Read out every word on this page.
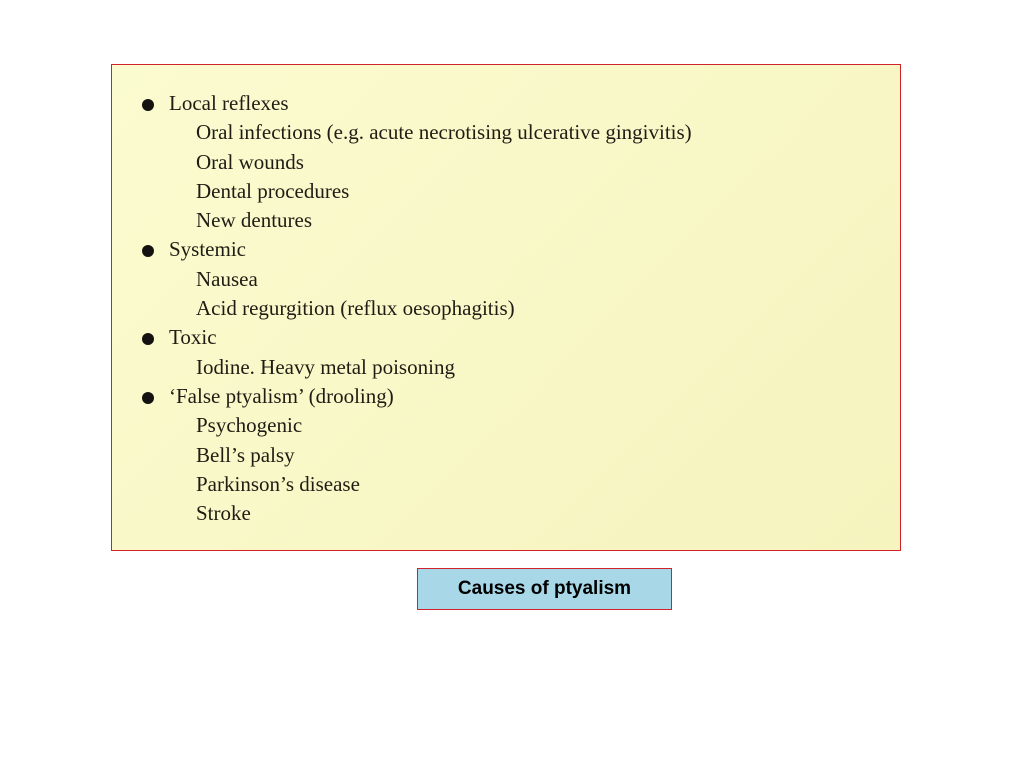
Local reflexes
Oral infections (e.g. acute necrotising ulcerative gingivitis)
Oral wounds
Dental procedures
New dentures
Systemic
Nausea
Acid regurgition (reflux oesophagitis)
Toxic
Iodine. Heavy metal poisoning
‘False ptyalism’ (drooling)
Psychogenic
Bell’s palsy
Parkinson’s disease
Stroke
Causes of ptyalism
